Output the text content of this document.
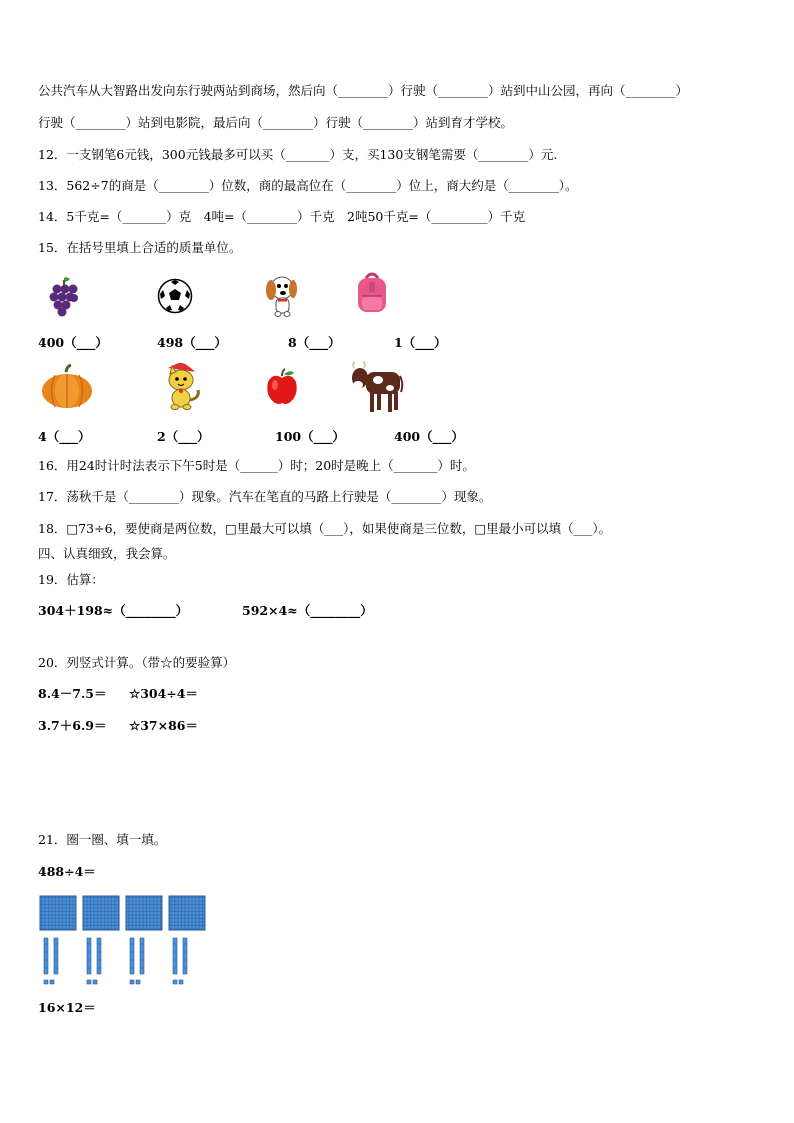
公共汽车从大智路出发向东行驶两站到商场，然后向（________）行驶（________）站到中山公园，再向（________）
行驶（________）站到电影院，最后向（________）行驶（________）站到育才学校。
12．一支钢笔6元钱，300元钱最多可以买（_______）支，买130支钢笔需要（________）元.
13．562÷7的商是（________）位数，商的最高位在（________）位上，商大约是（________）。
14．5千克=（_______）克　4吨=（________）千克　2吨50千克=（_________）千克
15．在括号里填上合适的质量单位。
400（___）	498（___）	8（___）	1（___）
4（___）	2（___）	100（___）	400（___）
16．用24时计时法表示下午5时是（______）时；20时是晚上（_______）时。
17．荡秋千是（________）现象。汽车在笔直的马路上行驶是（________）现象。
18．□73÷6，要使商是两位数，□里最大可以填（___），如果使商是三位数，□里最小可以填（___）。
四、认真细致，我会算。
19．估算：
304＋198≈（________）	592×4≈（________）
20．列竖式计算。（带☆的要验算）
8.4－7.5＝ ☆304÷4＝
3.7＋6.9＝ ☆37×86＝
21．圈一圈、填一填。
488÷4＝
16×12＝
